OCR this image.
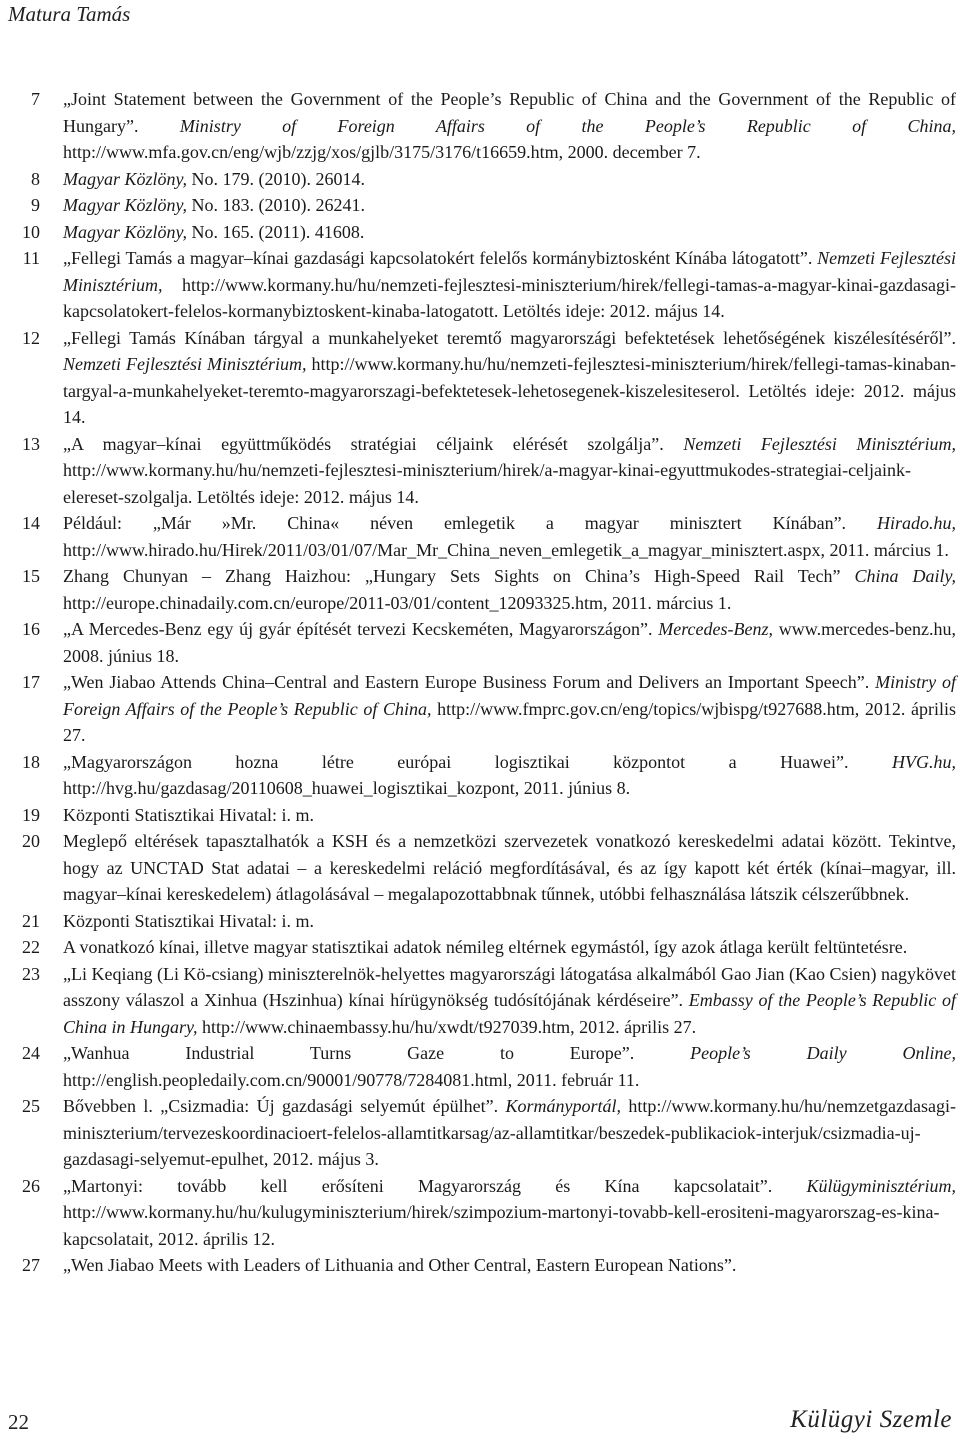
Matura Tamás
7 „Joint Statement between the Government of the People’s Republic of China and the Government of the Republic of Hungary”. Ministry of Foreign Affairs of the People’s Republic of China, http://www.mfa.gov.cn/eng/wjb/zzjg/xos/gjlb/3175/3176/t16659.htm, 2000. december 7.
8 Magyar Közlöny, No. 179. (2010). 26014.
9 Magyar Közlöny, No. 183. (2010). 26241.
10 Magyar Közlöny, No. 165. (2011). 41608.
11 „Fellegi Tamás a magyar–kínai gazdasági kapcsolatokért felelős kormánybiztosként Kínába látogatott”. Nemzeti Fejlesztési Minisztérium, http://www.kormany.hu/hu/nemzeti-fejlesztesi-miniszterium/hirek/fellegi-tamas-a-magyar-kinai-gazdasagi-kapcsolatokert-felelos-kormanybiztoskent-kinaba-latogatott. Letöltés ideje: 2012. május 14.
12 „Fellegi Tamás Kínában tárgyal a munkahelyeket teremtő magyarországi befektetések lehetőségének kiszélesítéséről”. Nemzeti Fejlesztési Minisztérium, http://www.kormany.hu/hu/nemzeti-fejlesztesi-miniszterium/hirek/fellegi-tamas-kinaban-targyal-a-munkahelyeket-teremto-magyarorszagi-befektetesek-lehetosegenek-kiszelesiteserol. Letöltés ideje: 2012. május 14.
13 „A magyar–kínai együttműködés stratégiai céljaink elérését szolgálja”. Nemzeti Fejlesztési Minisztérium, http://www.kormany.hu/hu/nemzeti-fejlesztesi-miniszterium/hirek/a-magyar-kinai-egyuttmukodes-strategiai-celjaink-elereset-szolgalja. Letöltés ideje: 2012. május 14.
14 Például: „Már »Mr. China« néven emlegetik a magyar minisztert Kínában”. Hirado.hu, http://www.hirado.hu/Hirek/2011/03/01/07/Mar_Mr_China_neven_emlegetik_a_magyar_minisztert.aspx, 2011. március 1.
15 Zhang Chunyan – Zhang Haizhou: „Hungary Sets Sights on China’s High-Speed Rail Tech” China Daily, http://europe.chinadaily.com.cn/europe/2011-03/01/content_12093325.htm, 2011. március 1.
16 „A Mercedes-Benz egy új gyár építését tervezi Kecskeméten, Magyarországon”. Mercedes-Benz, www.mercedes-benz.hu, 2008. június 18.
17 „Wen Jiabao Attends China–Central and Eastern Europe Business Forum and Delivers an Important Speech”. Ministry of Foreign Affairs of the People’s Republic of China, http://www.fmprc.gov.cn/eng/topics/wjbispg/t927688.htm, 2012. április 27.
18 „Magyarországon hozna létre európai logisztikai központot a Huawei”. HVG.hu, http://hvg.hu/gazdasag/20110608_huawei_logisztikai_kozpont, 2011. június 8.
19 Központi Statisztikai Hivatal: i. m.
20 Meglepő eltérések tapasztalhatók a KSH és a nemzetközi szervezetek vonatkozó kereskedelmi adatai között. Tekintve, hogy az UNCTAD Stat adatai – a kereskedelmi reláció megfordításával, és az így kapott két érték (kínai–magyar, ill. magyar–kínai kereskedelem) átlagolásával – megalapozottabbnak tűnnek, utóbbi felhasználása látszik célszerűbbnek.
21 Központi Statisztikai Hivatal: i. m.
22 A vonatkozó kínai, illetve magyar statisztikai adatok némileg eltérnek egymástól, így azok átlaga került feltüntetésre.
23 „Li Keqiang (Li Kö-csiang) miniszterelnök-helyettes magyarországi látogatása alkalmából Gao Jian (Kao Csien) nagykövet asszony válaszol a Xinhua (Hszinhua) kínai hírügynökség tudósítójának kérdéseire”. Embassy of the People’s Republic of China in Hungary, http://www.chinaembassy.hu/hu/xwdt/t927039.htm, 2012. április 27.
24 „Wanhua Industrial Turns Gaze to Europe”. People’s Daily Online, http://english.peopledaily.com.cn/90001/90778/7284081.html, 2011. február 11.
25 Bővebben l. „Csizmadia: Új gazdasági selyemút épülhet”. Kormányportál, http://www.kormany.hu/hu/nemzetgazdasagi-miniszterium/tervezeskoordinacioert-felelos-allamtitkarsag/az-allamtitkar/beszedek-publikaciok-interjuk/csizmadia-uj-gazdasagi-selyemut-epulhet, 2012. május 3.
26 „Martonyi: tovább kell erősíteni Magyarország és Kína kapcsolatait”. Külügyminisztérium, http://www.kormany.hu/hu/kulugyminiszterium/hirek/szimpozium-martonyi-tovabb-kell-erositeni-magyarorszag-es-kina-kapcsolatait, 2012. április 12.
27 „Wen Jiabao Meets with Leaders of Lithuania and Other Central, Eastern European Nations”.
22	Külügyi Szemle
